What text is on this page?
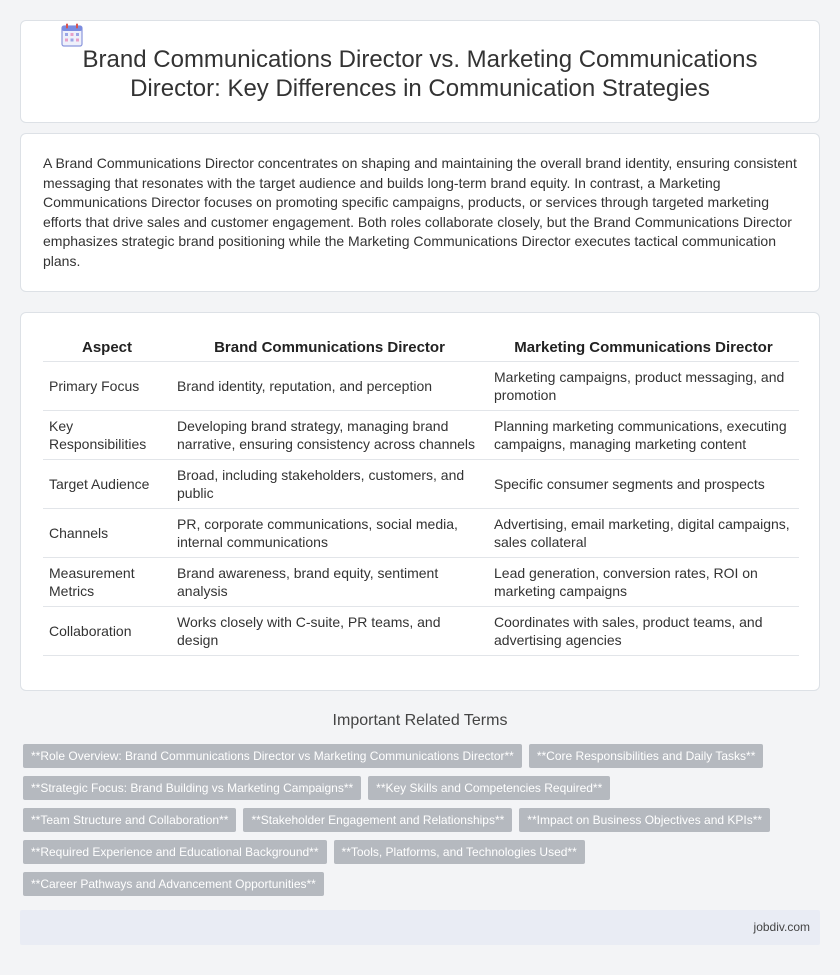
Brand Communications Director vs. Marketing Communications Director: Key Differences in Communication Strategies

A Brand Communications Director concentrates on shaping and maintaining the overall brand identity, ensuring consistent messaging that resonates with the target audience and builds long-term brand equity. In contrast, a Marketing Communications Director focuses on promoting specific campaigns, products, or services through targeted marketing efforts that drive sales and customer engagement. Both roles collaborate closely, but the Brand Communications Director emphasizes strategic brand positioning while the Marketing Communications Director executes tactical communication plans.

Aspect	Brand Communications Director	Marketing Communications Director
Primary Focus	Brand identity, reputation, and perception	Marketing campaigns, product messaging, and promotion
Key Responsibilities	Developing brand strategy, managing brand narrative, ensuring consistency across channels	Planning marketing communications, executing campaigns, managing marketing content
Target Audience	Broad, including stakeholders, customers, and public	Specific consumer segments and prospects
Channels	PR, corporate communications, social media, internal communications	Advertising, email marketing, digital campaigns, sales collateral
Measurement Metrics	Brand awareness, brand equity, sentiment analysis	Lead generation, conversion rates, ROI on marketing campaigns
Collaboration	Works closely with C-suite, PR teams, and design	Coordinates with sales, product teams, and advertising agencies
Important Related Terms
**Role Overview: Brand Communications Director vs Marketing Communications Director**	**Core Responsibilities and Daily Tasks**
**Strategic Focus: Brand Building vs Marketing Campaigns**	**Key Skills and Competencies Required**
**Team Structure and Collaboration**	**Stakeholder Engagement and Relationships**	**Impact on Business Objectives and KPIs**
**Required Experience and Educational Background**	**Tools, Platforms, and Technologies Used**
**Career Pathways and Advancement Opportunities**
jobdiv.com
